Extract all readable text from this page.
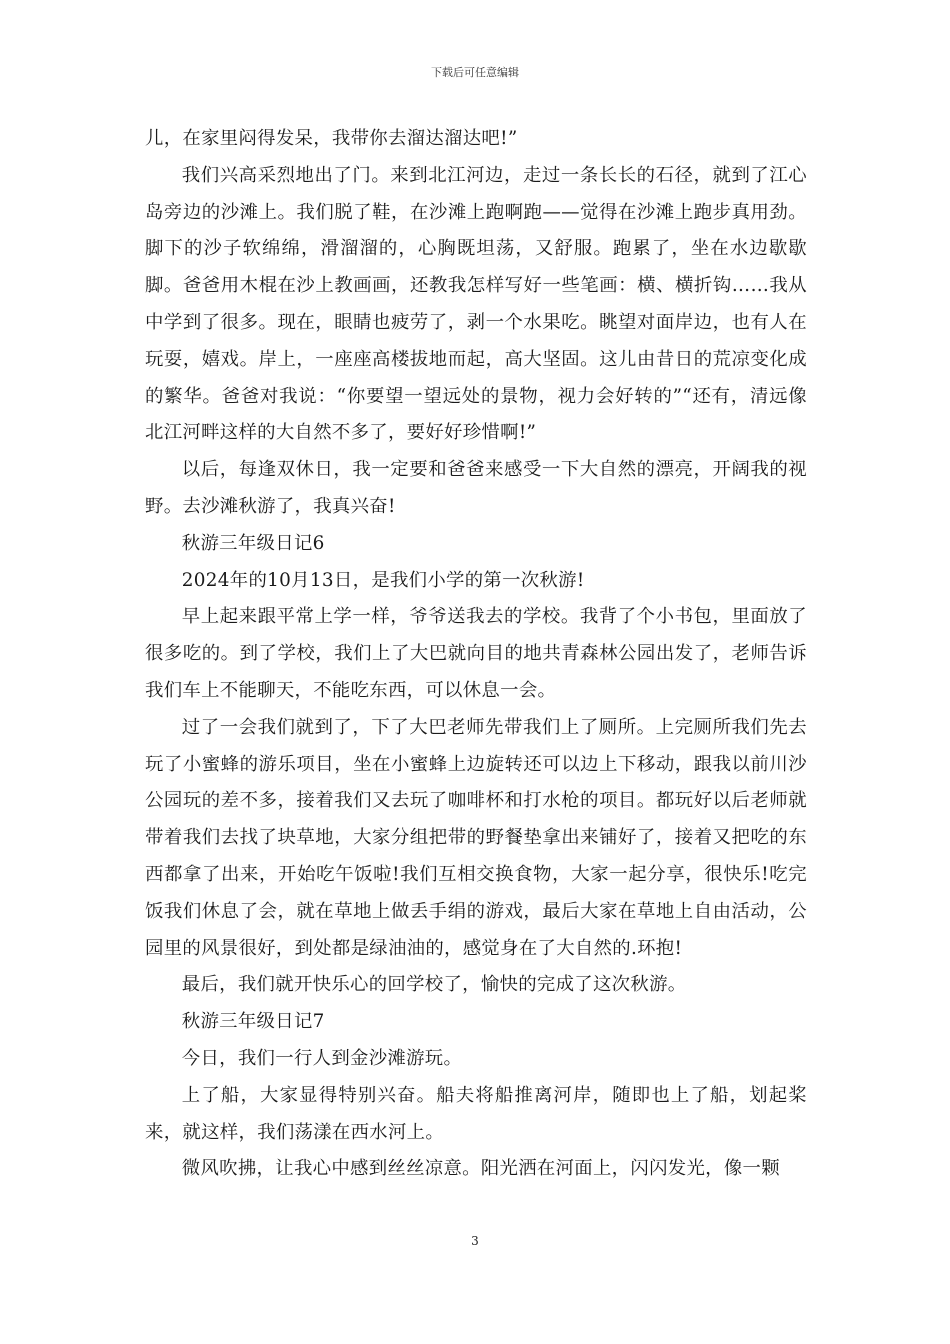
下载后可任意编辑

儿，在家里闷得发呆，我带你去溜达溜达吧!”

我们兴高采烈地出了门。来到北江河边，走过一条长长的石径，就到了江心岛旁边的沙滩上。我们脱了鞋，在沙滩上跑啊跑——觉得在沙滩上跑步真用劲。脚下的沙子软绵绵，滑溜溜的，心胸既坦荡，又舒服。跑累了，坐在水边歇歇脚。爸爸用木棍在沙上教画画，还教我怎样写好一些笔画：横、横折钩……我从中学到了很多。现在，眼睛也疲劳了，剥一个水果吃。眺望对面岸边，也有人在玩耍，嬉戏。岸上，一座座高楼拔地而起，高大坚固。这儿由昔日的荒凉变化成的繁华。爸爸对我说：“你要望一望远处的景物，视力会好转的”“还有，清远像北江河畔这样的大自然不多了，要好好珍惜啊!”

以后，每逢双休日，我一定要和爸爸来感受一下大自然的漂亮，开阔我的视野。去沙滩秋游了，我真兴奋!

秋游三年级日记6

2024年的10月13日，是我们小学的第一次秋游!

早上起来跟平常上学一样，爷爷送我去的学校。我背了个小书包，里面放了很多吃的。到了学校，我们上了大巴就向目的地共青森林公园出发了，老师告诉我们车上不能聊天，不能吃东西，可以休息一会。

过了一会我们就到了，下了大巴老师先带我们上了厕所。上完厕所我们先去玩了小蜜蜂的游乐项目，坐在小蜜蜂上边旋转还可以边上下移动，跟我以前川沙公园玩的差不多，接着我们又去玩了咖啡杯和打水枪的项目。都玩好以后老师就带着我们去找了块草地，大家分组把带的野餐垫拿出来铺好了，接着又把吃的东西都拿了出来，开始吃午饭啦!我们互相交换食物，大家一起分享，很快乐!吃完饭我们休息了会，就在草地上做丢手绢的游戏，最后大家在草地上自由活动，公园里的风景很好，到处都是绿油油的，感觉身在了大自然的.环抱!

最后，我们就开快乐心的回学校了，愉快的完成了这次秋游。

秋游三年级日记7

今日，我们一行人到金沙滩游玩。

上了船，大家显得特别兴奋。船夫将船推离河岸，随即也上了船，划起桨来，就这样，我们荡漾在西水河上。

微风吹拂，让我心中感到丝丝凉意。阳光洒在河面上，闪闪发光，像一颗

3
